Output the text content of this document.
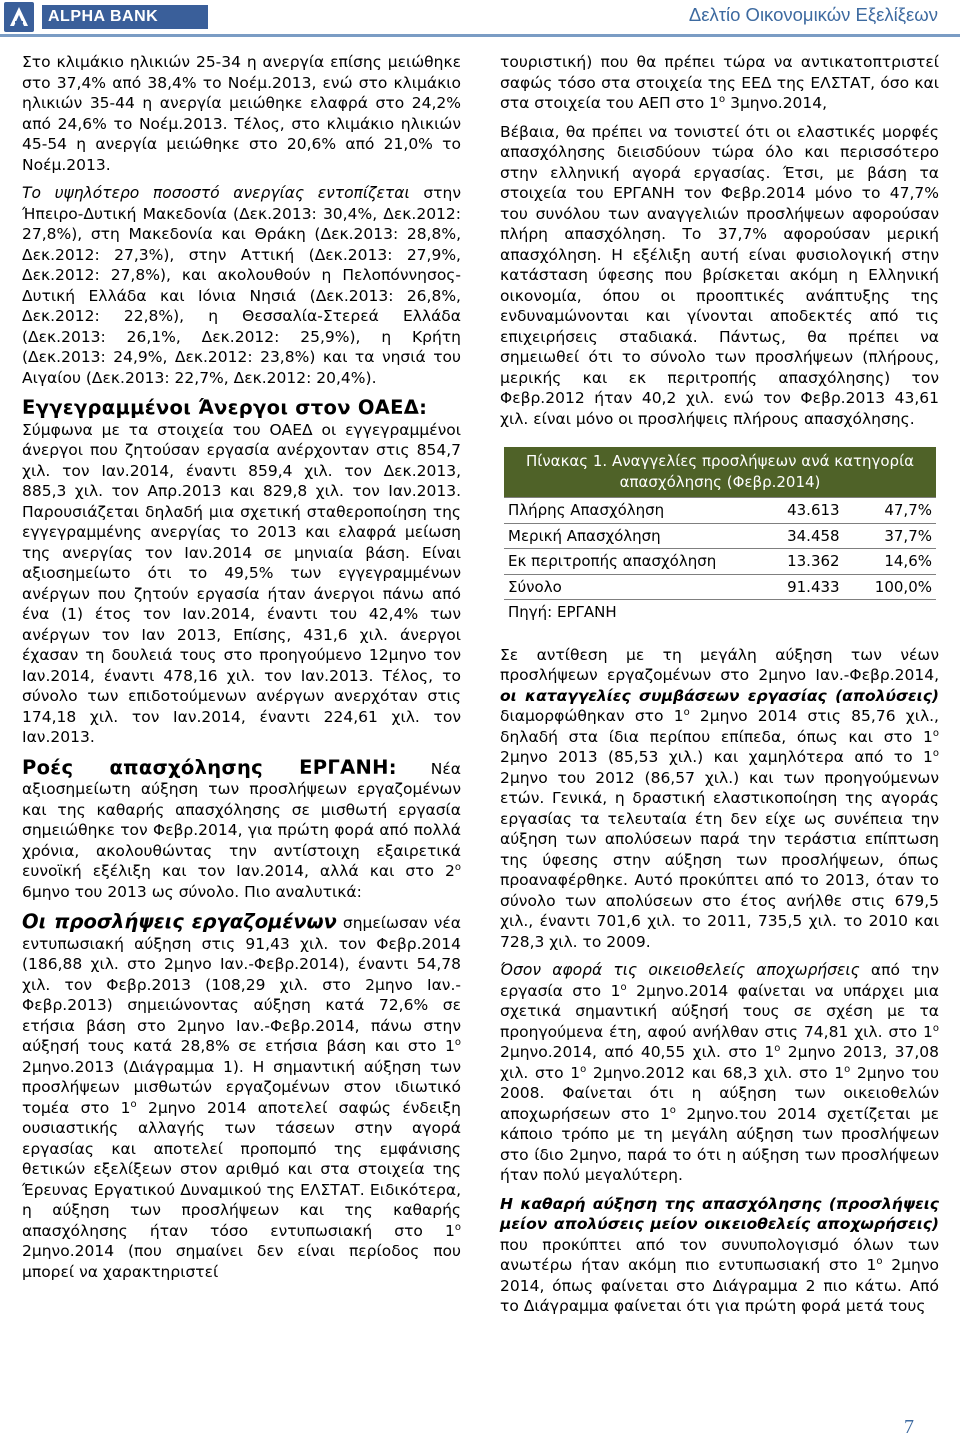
ALPHA BANK	Δελτίο Οικονομικών Εξελίξεων

Στο κλιμάκιο ηλικιών 25-34 η ανεργία επίσης μειώθηκε στο 37,4% από 38,4% το Νοέμ.2013, ενώ στο κλιμάκιο ηλικιών 35-44 η ανεργία μειώθηκε ελαφρά στο 24,2% από 24,6% το Νοέμ.2013. Τέλος, στο κλιμάκιο ηλικιών 45-54 η ανεργία μειώθηκε στο 20,6% από 21,0% το Νοέμ.2013.

Το υψηλότερο ποσοστό ανεργίας εντοπίζεται στην Ήπειρο-Δυτική Μακεδονία (Δεκ.2013: 30,4%, Δεκ.2012: 27,8%), στη Μακεδονία και Θράκη (Δεκ.2013: 28,8%, Δεκ.2012: 27,3%), στην Αττική (Δεκ.2013: 27,9%, Δεκ.2012: 27,8%), και ακολουθούν η Πελοπόννησος-Δυτική Ελλάδα και Ιόνια Νησιά (Δεκ.2013: 26,8%, Δεκ.2012: 22,8%), η Θεσσαλία-Στερεά Ελλάδα (Δεκ.2013: 26,1%, Δεκ.2012: 25,9%), η Κρήτη (Δεκ.2013: 24,9%, Δεκ.2012: 23,8%) και τα νησιά του Αιγαίου (Δεκ.2013: 22,7%, Δεκ.2012: 20,4%).

Εγγεγραμμένοι Άνεργοι στον ΟΑΕΔ:

Σύμφωνα με τα στοιχεία του ΟΑΕΔ οι εγγεγραμμένοι άνεργοι που ζητούσαν εργασία ανέρχονταν στις 854,7 χιλ. τον Ιαν.2014, έναντι 859,4 χιλ. τον Δεκ.2013, 885,3 χιλ. τον Απρ.2013 και 829,8 χιλ. τον Ιαν.2013. Παρουσιάζεται δηλαδή μια σχετική σταθεροποίηση της εγγεγραμμένης ανεργίας το 2013 και ελαφρά μείωση της ανεργίας τον Ιαν.2014 σε μηνιαία βάση. Είναι αξιοσημείωτο ότι το 49,5% των εγγεγραμμένων ανέργων που ζητούν εργασία ήταν άνεργοι πάνω από ένα (1) έτος τον Ιαν.2014, έναντι του 42,4% των ανέργων τον Ιαν 2013, Επίσης, 431,6 χιλ. άνεργοι έχασαν τη δουλειά τους στο προηγούμενο 12μηνο τον Ιαν.2014, έναντι 478,16 χιλ. τον Ιαν.2013. Τέλος, το σύνολο των επιδοτούμενων ανέργων ανερχόταν στις 174,18 χιλ. τον Ιαν.2014, έναντι 224,61 χιλ. τον Ιαν.2013.

Ροές απασχόλησης ΕΡΓΑΝΗ: Νέα αξιοσημείωτη αύξηση των προσλήψεων εργαζομένων και της καθαρής απασχόλησης σε μισθωτή εργασία σημειώθηκε τον Φεβρ.2014, για πρώτη φορά από πολλά χρόνια, ακολουθώντας την αντίστοιχη εξαιρετικά ευνοϊκή εξέλιξη και τον Ιαν.2014, αλλά και στο $2^o$ 6μηνο του 2013 ως σύνολο. Πιο αναλυτικά:

Οι προσλήψεις εργαζομένων σημείωσαν νέα εντυπωσιακή αύξηση στις 91,43 χιλ. τον Φεβρ.2014 (186,88 χιλ. στο 2μηνο Ιαν.-Φεβρ.2014), έναντι 54,78 χιλ. τον Φεβρ.2013 (108,29 χιλ. στο 2μηνο Ιαν.-Φεβρ.2013) σημειώνοντας αύξηση κατά 72,6% σε ετήσια βάση στο 2μηνο Ιαν.-Φεβρ.2014, πάνω στην αύξησή τους κατά 28,8% σε ετήσια βάση και στο $1^o$ 2μηνο.2013 (Διάγραμμα 1). Η σημαντική αύξηση των προσλήψεων μισθωτών εργαζομένων στον ιδιωτικό τομέα στο $1^o$ 2μηνο 2014 αποτελεί σαφώς ένδειξη ουσιαστικής αλλαγής των τάσεων στην αγορά εργασίας και αποτελεί προπομπό της εμφάνισης θετικών εξελίξεων στον αριθμό και στα στοιχεία της Έρευνας Εργατικού Δυναμικού της ΕΛΣΤΑΤ. Ειδικότερα, η αύξηση των προσλήψεων και της καθαρής απασχόλησης ήταν τόσο εντυπωσιακή στο $1^o$ 2μηνο.2014 (που σημαίνει δεν είναι περίοδος που μπορεί να χαρακτηριστεί

τουριστική) που θα πρέπει τώρα να αντικατοπτριστεί σαφώς τόσο στα στοιχεία της ΕΕΔ της ΕΛΣΤΑΤ, όσο και στα στοιχεία του ΑΕΠ στο $1^o$ 3μηνο.2014,

Βέβαια, θα πρέπει να τονιστεί ότι οι ελαστικές μορφές απασχόλησης διεισδύουν τώρα όλο και περισσότερο στην ελληνική αγορά εργασίας. Έτσι, με βάση τα στοιχεία του ΕΡΓΑΝΗ τον Φεβρ.2014 μόνο το 47,7% του συνόλου των αναγγελιών προσλήψεων αφορούσαν πλήρη απασχόληση. Το 37,7% αφορούσαν μερική απασχόληση. Η εξέλιξη αυτή είναι φυσιολογική στην κατάσταση ύφεσης που βρίσκεται ακόμη η Ελληνική οικονομία, όπου οι προοπτικές ανάπτυξης της ενδυναμώνονται και γίνονται αποδεκτές από τις επιχειρήσεις σταδιακά. Πάντως, θα πρέπει να σημειωθεί ότι το σύνολο των προσλήψεων (πλήρους, μερικής και εκ περιτροπής απασχόλησης) τον Φεβρ.2012 ήταν 40,2 χιλ. ενώ τον Φεβρ.2013 43,61 χιλ. είναι μόνο οι προσλήψεις πλήρους απασχόλησης.

Πίνακας 1. Αναγγελίες προσλήψεων ανά κατηγορία απασχόλησης (Φεβρ.2014)		
Πλήρης Απασχόληση	43.613	47,7%
Μερική Απασχόληση	34.458	37,7%
Εκ περιτροπής απασχόληση	13.362	14,6%
Σύνολο	91.433	100,0%
Πηγή: ΕΡΓΑΝΗ		

Σε αντίθεση με τη μεγάλη αύξηση των νέων προσλήψεων εργαζομένων στο 2μηνο Ιαν.-Φεβρ.2014, οι καταγγελίες συμβάσεων εργασίας (απολύσεις) διαμορφώθηκαν στο $1^o$ 2μηνο 2014 στις 85,76 χιλ., δηλαδή στα ίδια περίπου επίπεδα, όπως και στο $1^o$ 2μηνο 2013 (85,53 χιλ.) και χαμηλότερα από το $1^o$ 2μηνο του 2012 (86,57 χιλ.) και των προηγούμενων ετών. Γενικά, η δραστική ελαστικοποίηση της αγοράς εργασίας τα τελευταία έτη δεν είχε ως συνέπεια την αύξηση των απολύσεων παρά την τεράστια επίπτωση της ύφεσης στην αύξηση των προσλήψεων, όπως προαναφέρθηκε. Αυτό προκύπτει από το 2013, όταν το σύνολο των απολύσεων στο έτος ανήλθε στις 679,5 χιλ., έναντι 701,6 χιλ. το 2011, 735,5 χιλ. το 2010 και 728,3 χιλ. το 2009.

Όσον αφορά τις οικειοθελείς αποχωρήσεις από την εργασία στο $1^o$ 2μηνο.2014 φαίνεται να υπάρχει μια σχετικά σημαντική αύξησή τους σε σχέση με τα προηγούμενα έτη, αφού ανήλθαν στις 74,81 χιλ. στο $1^o$ 2μηνο.2014, από 40,55 χιλ. στο $1^o$ 2μηνο 2013, 37,08 χιλ. στο $1^o$ 2μηνο.2012 και 68,3 χιλ. στο $1^o$ 2μηνο του 2008. Φαίνεται ότι η αύξηση των οικειοθελών αποχωρήσεων στο $1^o$ 2μηνο.του 2014 σχετίζεται με κάποιο τρόπο με τη μεγάλη αύξηση των προσλήψεων στο ίδιο 2μηνο, παρά το ότι η αύξηση των προσλήψεων ήταν πολύ μεγαλύτερη.

Η καθαρή αύξηση της απασχόλησης (προσλήψεις μείον απολύσεις μείον οικειοθελείς αποχωρήσεις) που προκύπτει από τον συνυπολογισμό όλων των ανωτέρω ήταν ακόμη πιο εντυπωσιακή στο $1^o$ 2μηνο 2014, όπως φαίνεται στο Διάγραμμα 2 πιο κάτω. Από το Διάγραμμα φαίνεται ότι για πρώτη φορά μετά τους

7
